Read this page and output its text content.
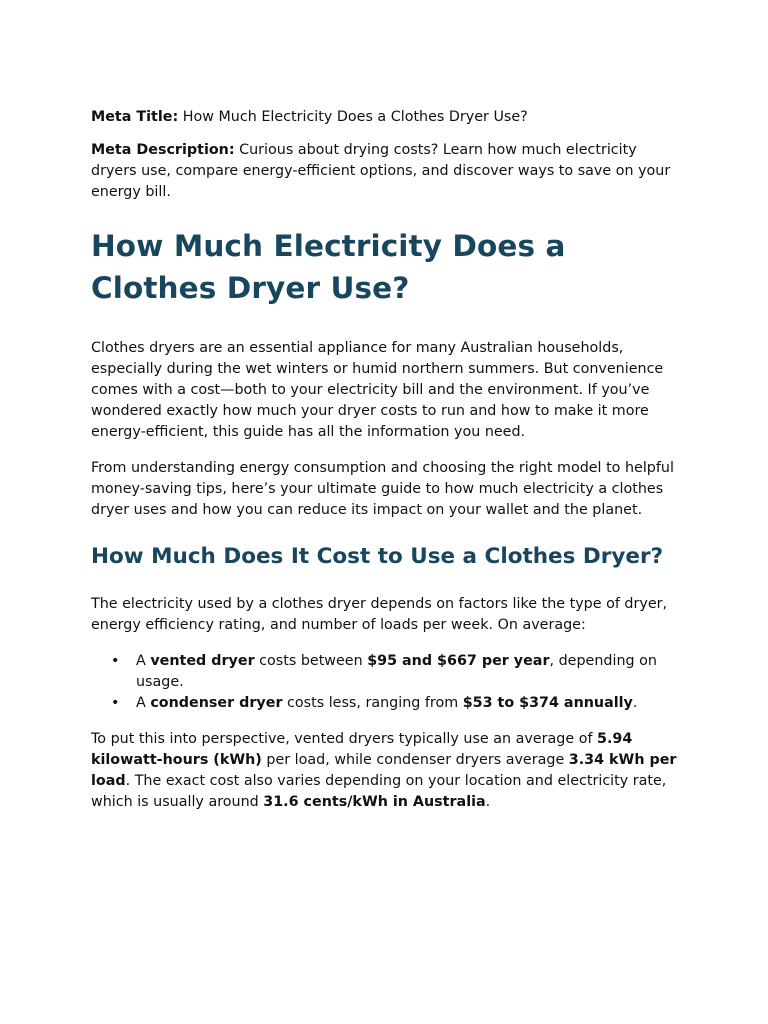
Meta Title: How Much Electricity Does a Clothes Dryer Use?

Meta Description: Curious about drying costs? Learn how much electricity dryers use, compare energy-efficient options, and discover ways to save on your energy bill.

How Much Electricity Does a Clothes Dryer Use?

Clothes dryers are an essential appliance for many Australian households, especially during the wet winters or humid northern summers. But convenience comes with a cost—both to your electricity bill and the environment. If you’ve wondered exactly how much your dryer costs to run and how to make it more energy-efficient, this guide has all the information you need.

From understanding energy consumption and choosing the right model to helpful money-saving tips, here’s your ultimate guide to how much electricity a clothes dryer uses and how you can reduce its impact on your wallet and the planet.

How Much Does It Cost to Use a Clothes Dryer?

The electricity used by a clothes dryer depends on factors like the type of dryer, energy efficiency rating, and number of loads per week. On average:

• A vented dryer costs between $95 and $667 per year, depending on usage.
• A condenser dryer costs less, ranging from $53 to $374 annually.

To put this into perspective, vented dryers typically use an average of 5.94 kilowatt-hours (kWh) per load, while condenser dryers average 3.34 kWh per load. The exact cost also varies depending on your location and electricity rate, which is usually around 31.6 cents/kWh in Australia.
